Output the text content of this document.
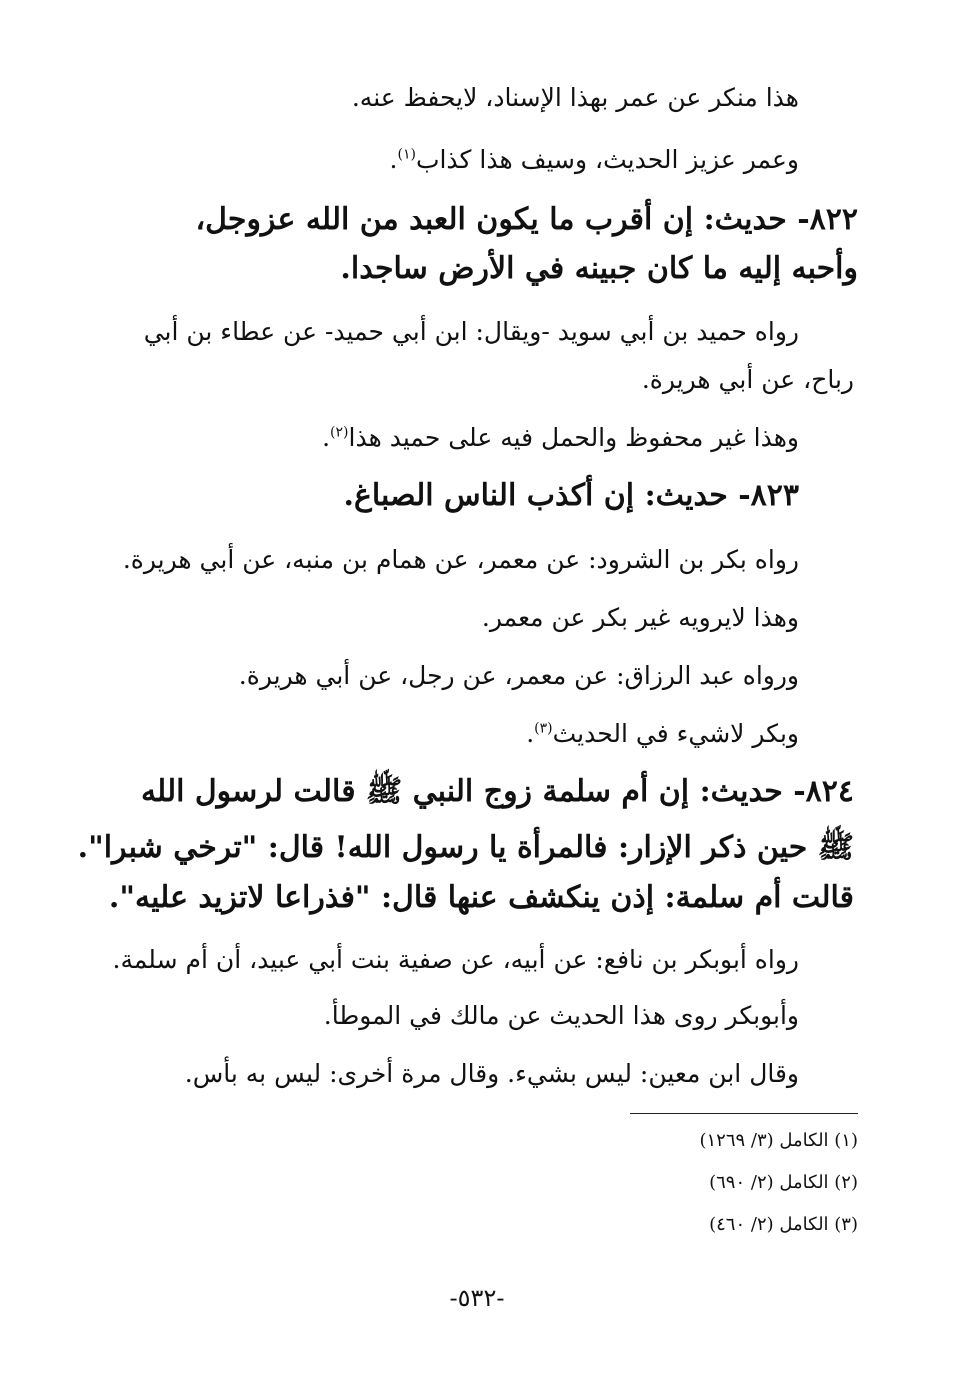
هذا منكر عن عمر بهذا الإسناد، لايحفظ عنه.
وعمر عزيز الحديث، وسيف هذا كذاب$^{(١)}$.
٨٢٢- حديث: إن أقرب ما يكون العبد من الله عزوجل،
وأحبه إليه ما كان جبينه في الأرض ساجدا.
رواه حميد بن أبي سويد -ويقال: ابن أبي حميد- عن عطاء بن أبي
رباح، عن أبي هريرة.
وهذا غير محفوظ والحمل فيه على حميد هذا$^{(٢)}$.
٨٢٣- حديث: إن أكذب الناس الصباغ.
رواه بكر بن الشرود: عن معمر، عن همام بن منبه، عن أبي هريرة.
وهذا لايرويه غير بكر عن معمر.
ورواه عبد الرزاق: عن معمر، عن رجل، عن أبي هريرة.
وبكر لاشيء في الحديث$^{(٣)}$.
٨٢٤- حديث: إن أم سلمة زوج النبي ﷺ قالت لرسول الله
ﷺ حين ذكر الإزار: فالمرأة يا رسول الله! قال: "ترخي شبرا".
قالت أم سلمة: إذن ينكشف عنها قال: "فذراعا لاتزيد عليه".
رواه أبوبكر بن نافع: عن أبيه، عن صفية بنت أبي عبيد، أن أم سلمة.
وأبوبكر روى هذا الحديث عن مالك في الموطأ.
وقال ابن معين: ليس بشيء. وقال مرة أخرى: ليس به بأس.
(١) الكامل (٣/ ١٢٦٩)
(٢) الكامل (٢/ ٦٩٠)
(٣) الكامل (٢/ ٤٦٠)
-٥٣٢-
